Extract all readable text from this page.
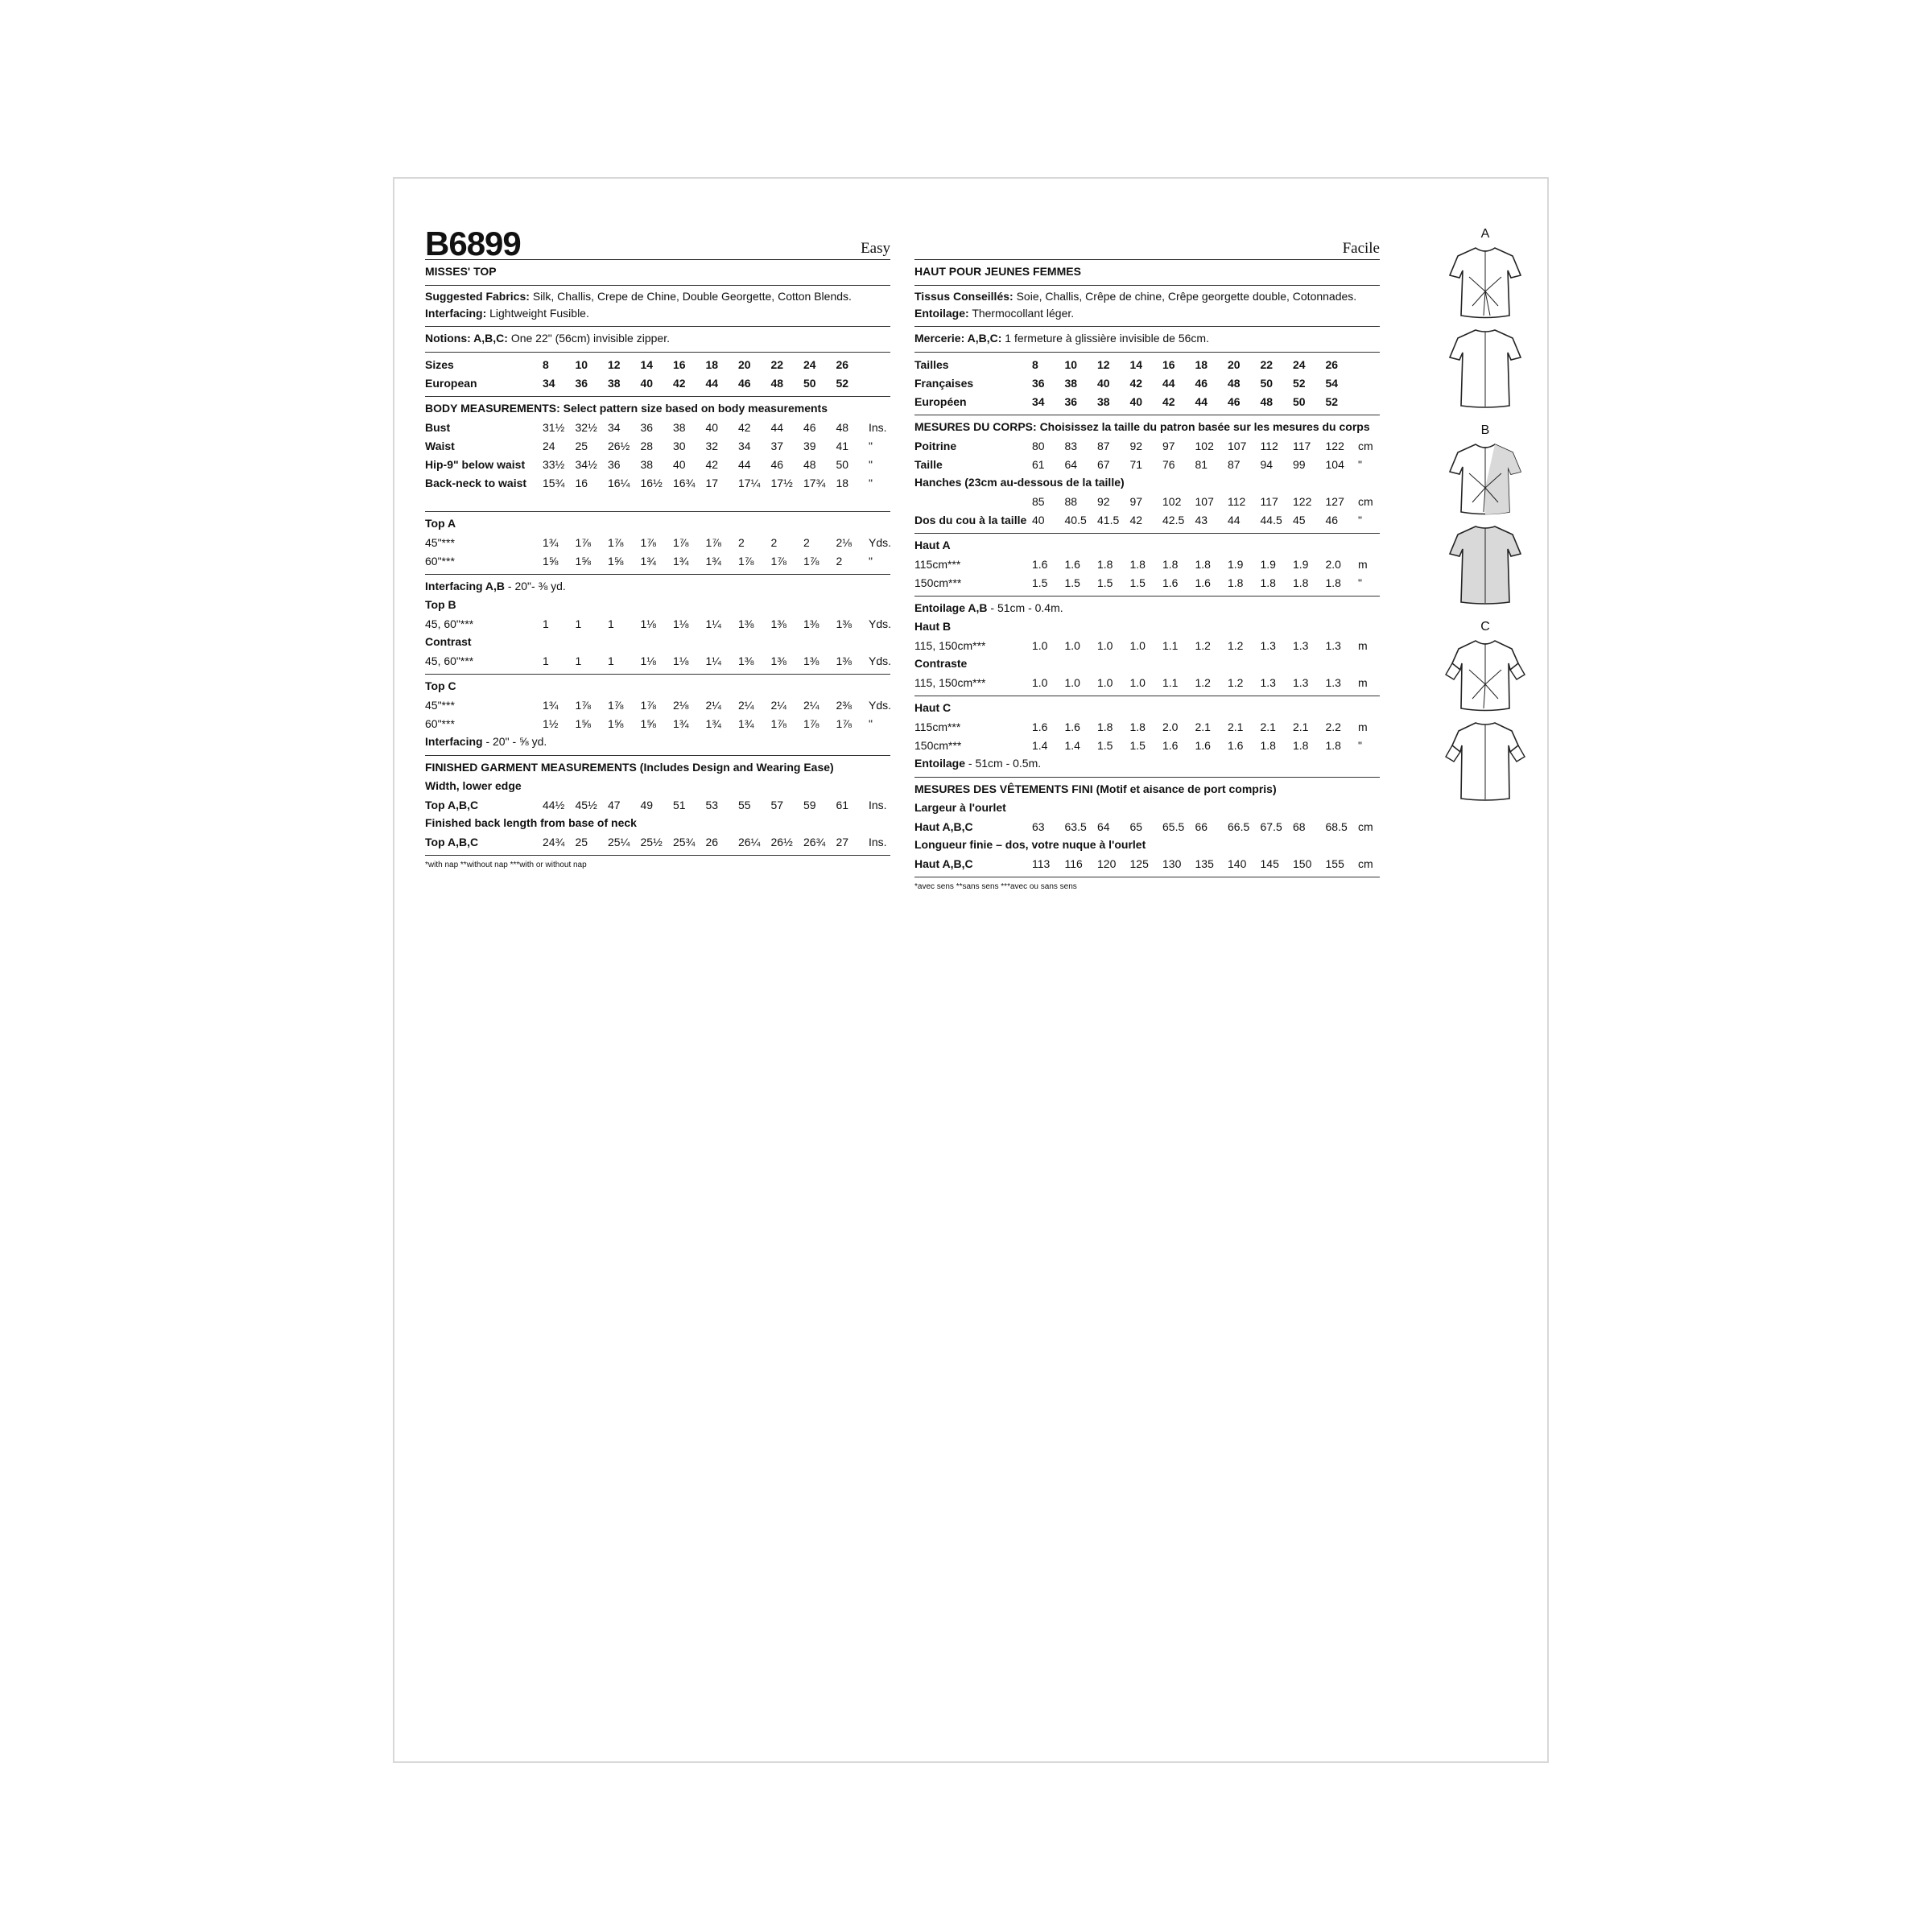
B6899	Easy
MISSES' TOP
Suggested Fabrics: Silk, Challis, Crepe de Chine, Double Georgette, Cotton Blends. Interfacing: Lightweight Fusible.
Notions: A,B,C: One 22" (56cm) invisible zipper.
Sizes	8	10	12	14	16	18	20	22	24	26
European	34	36	38	40	42	44	46	48	50	52
BODY MEASUREMENTS: Select pattern size based on body measurements
Bust	31½ 32½ 34	36	38	40	42	44	46	48	Ins.
Waist	24	25	26½ 28	30	32	34	37	39	41	"
Hip-9" below waist	33½ 34½ 36	38	40	42	44	46	48	50	"
Back-neck to waist	15¾ 16	16¼ 16½ 16¾ 17	17¼ 17½ 17¾ 18	"
Top A
45"***	1¾	1⅞	1⅞	1⅞	1⅞	1⅞	2	2	2	2⅛	Yds.
60"***	1⅝	1⅝	1⅝	1¾	1¾	1¾	1⅞	1⅞	1⅞	2	"
Interfacing A,B - 20"- ⅜ yd.
Top B
45, 60"***	1	1	1	1⅛	1⅛	1¼	1⅜	1⅜	1⅜	1⅜	Yds.
Contrast
45, 60"***	1	1	1	1⅛	1⅛	1¼	1⅜	1⅜	1⅜	1⅜	Yds.
Top C
45"***	1¾	1⅞	1⅞	1⅞	2⅛	2¼	2¼	2¼	2¼	2⅜	Yds.
60"***	1½	1⅝	1⅝	1⅝	1¾	1¾	1¾	1⅞	1⅞	1⅞	"
Interfacing - 20" - ⅝ yd.
FINISHED GARMENT MEASUREMENTS (Includes Design and Wearing Ease)
Width, lower edge
Top A,B,C	44½ 45½ 47	49	51	53	55	57	59	61	Ins.
Finished back length from base of neck
Top A,B,C	24¾ 25	25¼ 25½ 25¾ 26	26¼ 26½ 26¾ 27	Ins.
*with nap **without nap ***with or without nap
Facile
HAUT POUR JEUNES FEMMES
Tissus Conseillés: Soie, Challis, Crêpe de chine, Crêpe georgette double, Cotonnades. Entoilage: Thermocollant léger.
Mercerie: A,B,C: 1 fermeture à glissière invisible de 56cm.
Tailles	8	10	12	14	16	18	20	22	24	26
Françaises	36	38	40	42	44	46	48	50	52	54
Européen	34	36	38	40	42	44	46	48	50	52
MESURES DU CORPS: Choisissez la taille du patron basée sur les mesures du corps
Poitrine	80	83	87	92	97	102	107	112	117	122	cm
Taille	61	64	67	71	76	81	87	94	99	104	"
Hanches (23cm au-dessous de la taille)
85	88	92	97	102	107	112	117	122	127	cm
Dos du cou à la taille 40	40.5 41.5 42	42.5 43	44	44.5 45	46	"
Haut A
115cm***	1.6	1.6	1.8	1.8	1.8	1.8	1.9	1.9	1.9	2.0	m
150cm***	1.5	1.5	1.5	1.5	1.6	1.6	1.8	1.8	1.8	1.8	"
Entoilage A,B - 51cm - 0.4m.
Haut B
115, 150cm***	1.0	1.0	1.0	1.0	1.1	1.2	1.2	1.3	1.3	1.3	m
Contraste
115, 150cm***	1.0	1.0	1.0	1.0	1.1	1.2	1.2	1.3	1.3	1.3	m
Haut C
115cm***	1.6	1.6	1.8	1.8	2.0	2.1	2.1	2.1	2.1	2.2	m
150cm***	1.4	1.4	1.5	1.5	1.6	1.6	1.6	1.8	1.8	1.8	"
Entoilage - 51cm - 0.5m.
MESURES DES VÊTEMENTS FINI (Motif et aisance de port compris)
Largeur à l'ourlet
Haut A,B,C	63	63.5 64	65	65.5 66	66.5 67.5 68	68.5 cm
Longueur finie – dos, votre nuque à l'ourlet
Haut A,B,C	113	116	120	125	130	135	140	145	150	155	cm
*avec sens **sans sens ***avec ou sans sens
A
B
C
